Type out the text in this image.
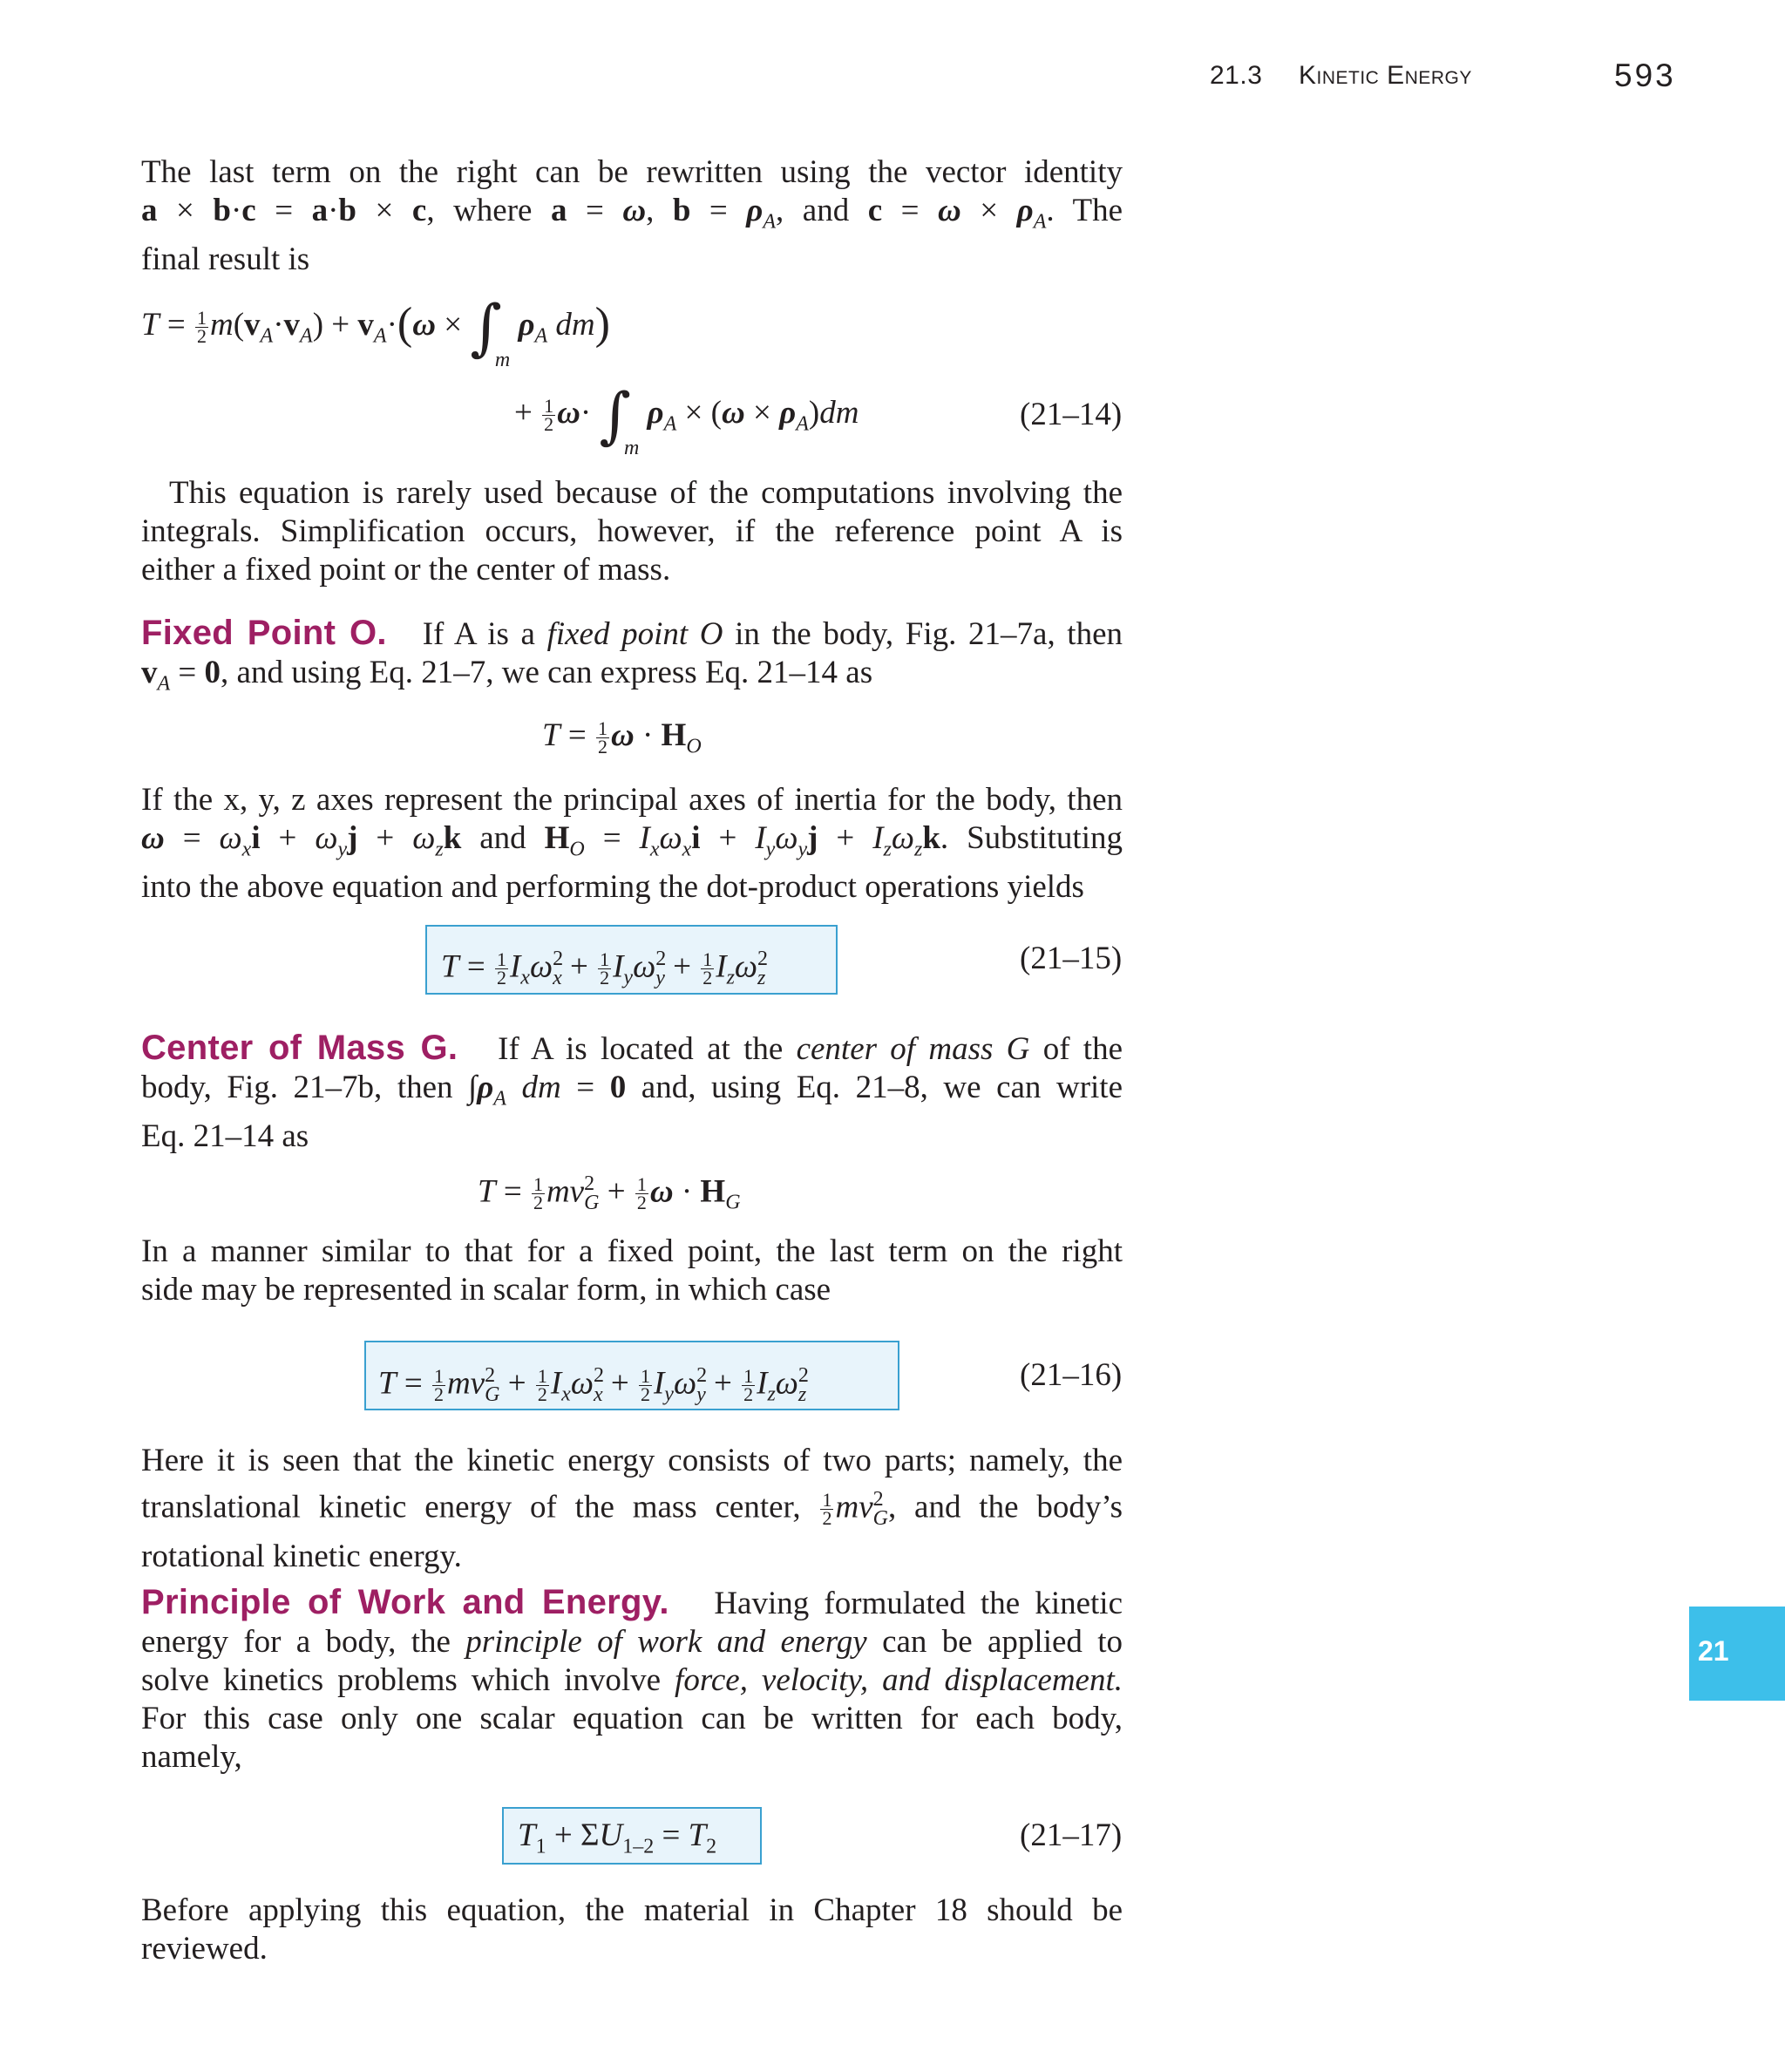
21.3 Kinetic Energy	593
21
The last term on the right can be rewritten using the vector identity
a × b·c = a·b × c, where a = ω, $b = \rho_A$, and $c = \omega \times \rho_A$. The
final result is
$T = \frac{1}{2} m(v_A\cdot v_A) + v_A\cdot(\omega \times \int_m$ $\rho_A$ dm)
+ $\frac{1}{2} \omega\cdot \int_m$ $\rho_A \times (\omega \times \rho_A)dm$	(21–14)
This equation is rarely used because of the computations involving the
integrals. Simplification occurs, however, if the reference point A is
either a fixed point or the center of mass.
Fixed Point O. If A is a fixed point O in the body, Fig. 21–7a, then
$v_A = 0$, and using Eq. 21–7, we can express Eq. 21–14 as
$T = \frac{1}{2}$ $\omega \cdot H_O$
If the x, y, z axes represent the principal axes of inertia for the body, then
$\omega = \omega_xi + \omega_yj + \omega_zk$ and $H_O = I_x\omega_xi + I_y\omega_yj + I_z\omega_zk$. Substituting
into the above equation and performing the dot-product operations yields
$T = \frac{1}{2} I_x\omega^2_x + \frac{1}{2} I_y\omega^2_y + \frac{1}{2} I_z\omega^2_z$
(21–15)
Center of Mass G. If A is located at the center of mass G of the
body, Fig. 21–7b, then $\int\rho_A$ dm = 0 and, using Eq. 21–8, we can write
Eq. 21–14 as
$T = \frac{1}{2} mv^2_G + \frac{1}{2}$ $\omega \cdot H_G$
In a manner similar to that for a fixed point, the last term on the right
side may be represented in scalar form, in which case
$T = \frac{1}{2} mv^2_G + \frac{1}{2} I_x\omega^2_x + \frac{1}{2} I_y\omega^2_y + \frac{1}{2} I_z\omega^2_z$
(21–16)
Here it is seen that the kinetic energy consists of two parts; namely, the
translational kinetic energy of the mass center, $\frac{1}{2} mv^2_G$, and the body’s
rotational kinetic energy.
Principle of Work and Energy. Having formulated the kinetic
energy for a body, the principle of work and energy can be applied to
solve kinetics problems which involve force, velocity, and displacement.
For this case only one scalar equation can be written for each body,
namely,
$T_1 + \Sigma U_{1-2} = T_2$	(21–17)
Before applying this equation, the material in Chapter 18 should be
reviewed.
